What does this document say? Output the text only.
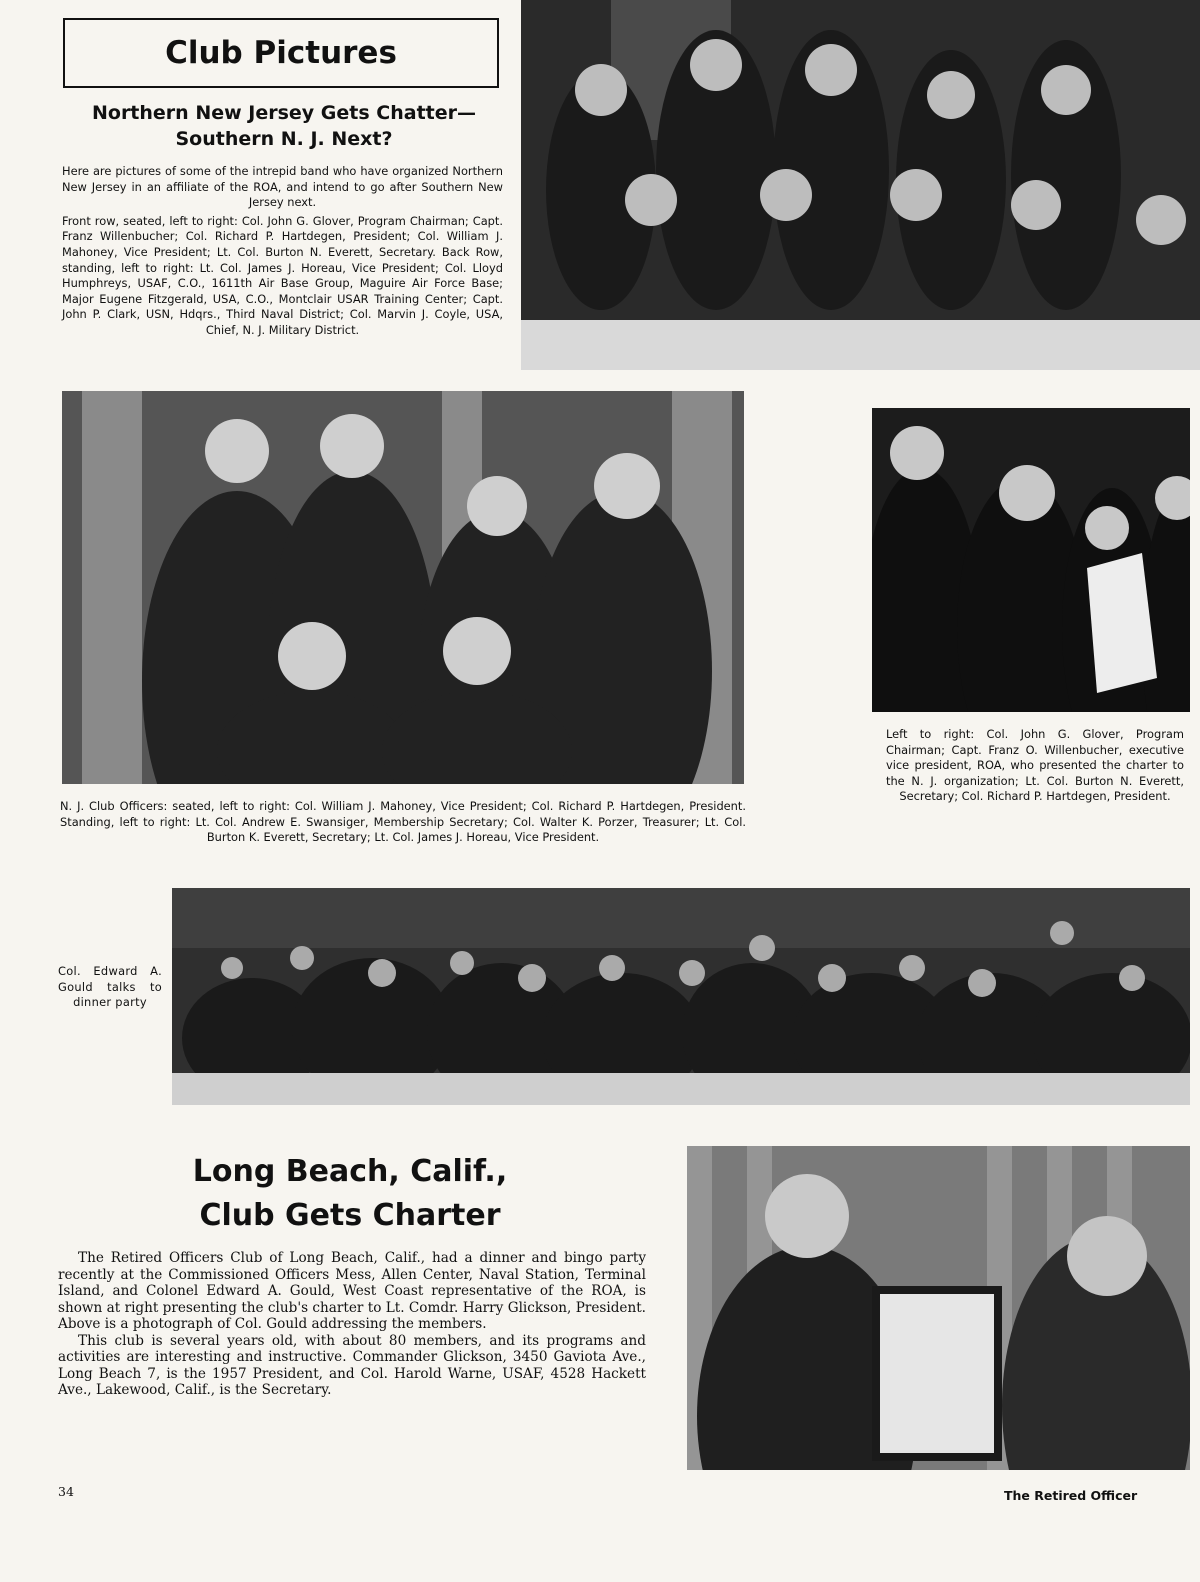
Club Pictures
Northern New Jersey Gets Chatter—
Southern N. J. Next?

Here are pictures of some of the intrepid band who have organized Northern New Jersey in an affiliate of the ROA, and intend to go after Southern New Jersey next.

Front row, seated, left to right: Col. John G. Glover, Program Chairman; Capt. Franz Willenbucher; Col. Richard P. Hartdegen, President; Col. William J. Mahoney, Vice President; Lt. Col. Burton N. Everett, Secretary. Back Row, standing, left to right: Lt. Col. James J. Horeau, Vice President; Col. Lloyd Humphreys, USAF, C.O., 1611th Air Base Group, Maguire Air Force Base; Major Eugene Fitzgerald, USA, C.O., Montclair USAR Training Center; Capt. John P. Clark, USN, Hdqrs., Third Naval District; Col. Marvin J. Coyle, USA, Chief, N. J. Military District.

N. J. Club Officers: seated, left to right: Col. William J. Mahoney, Vice President; Col. Richard P. Hartdegen, President. Standing, left to right: Lt. Col. Andrew E. Swansiger, Membership Secretary; Col. Walter K. Porzer, Treasurer; Lt. Col. Burton K. Everett, Secretary; Lt. Col. James J. Horeau, Vice President.
Left to right: Col. John G. Glover, Program Chairman; Capt. Franz O. Willenbucher, executive vice president, ROA, who presented the charter to the N. J. organization; Lt. Col. Burton N. Everett, Secretary; Col. Richard P. Hartdegen, President.
Col. Edward A. Gould talks to dinner party
Long Beach, Calif.,
Club Gets Charter

The Retired Officers Club of Long Beach, Calif., had a dinner and bingo party recently at the Commissioned Officers Mess, Allen Center, Naval Station, Terminal Island, and Colonel Edward A. Gould, West Coast representative of the ROA, is shown at right presenting the club's charter to Lt. Comdr. Harry Glickson, President. Above is a photograph of Col. Gould addressing the members.

This club is several years old, with about 80 members, and its programs and activities are interesting and instructive. Commander Glickson, 3450 Gaviota Ave., Long Beach 7, is the 1957 President, and Col. Harold Warne, USAF, 4528 Hackett Ave., Lakewood, Calif., is the Secretary.

34	The Retired Officer
